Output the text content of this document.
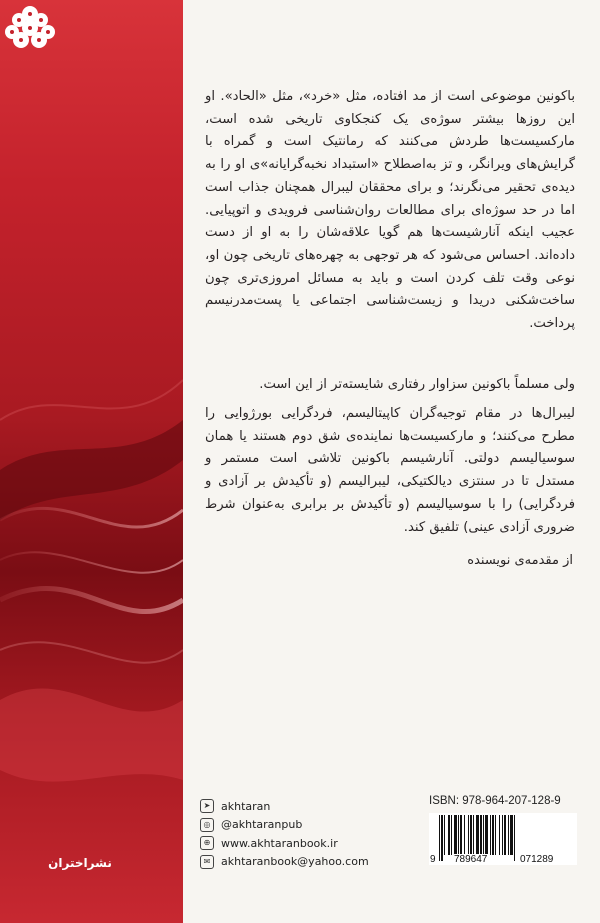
نشراختران

باکونین موضوعی است از مد افتاده، مثل «خرد»، مثل «الحاد». او این روزها بیشتر سوژه‌ی یک کنجکاوی تاریخی شده است، مارکسیست‌ها طردش می‌کنند که رمانتیک است و گمراه با گرایش‌های ویرانگر، و تز به‌اصطلاح «استبداد نخبه‌گرایانه»ی او را به دیده‌ی تحقیر می‌نگرند؛ و برای محققان لیبرال همچنان جذاب است اما در حد سوژه‌ای برای مطالعات روان‌شناسی فرویدی و اتوپیایی. عجیب اینکه آنارشیست‌ها هم گویا علاقه‌شان را به او از دست داده‌اند. احساس می‌شود که هر توجهی به چهره‌های تاریخی چون او، نوعی وقت تلف کردن است و باید به مسائل امروزی‌تری چون ساخت‌شکنی دریدا و زیست‌شناسی اجتماعی یا پست‌مدرنیسم پرداخت.

ولی مسلماً باکونین سزاوار رفتاری شایسته‌تر از این است.

لیبرال‌ها در مقام توجیه‌گران کاپیتالیسم، فردگرایی بورژوایی را مطرح می‌کنند؛ و مارکسیست‌ها نماینده‌ی شق دوم هستند یا همان سوسیالیسم دولتی. آنارشیسم باکونین تلاشی است مستمر و مستدل تا در سنتزی دیالکتیکی، لیبرالیسم (و تأکیدش بر آزادی و فردگرایی) را با سوسیالیسم (و تأکیدش بر برابری به‌عنوان شرط ضروری آزادی عینی) تلفیق کند.

از مقدمه‌ی نویسنده
➤ akhtaran
◎ @akhtaranpub
⊕ www.akhtaranbook.ir
✉ akhtaranbook@yahoo.com
ISBN: 978-964-207-128-9
9 789647	071289
